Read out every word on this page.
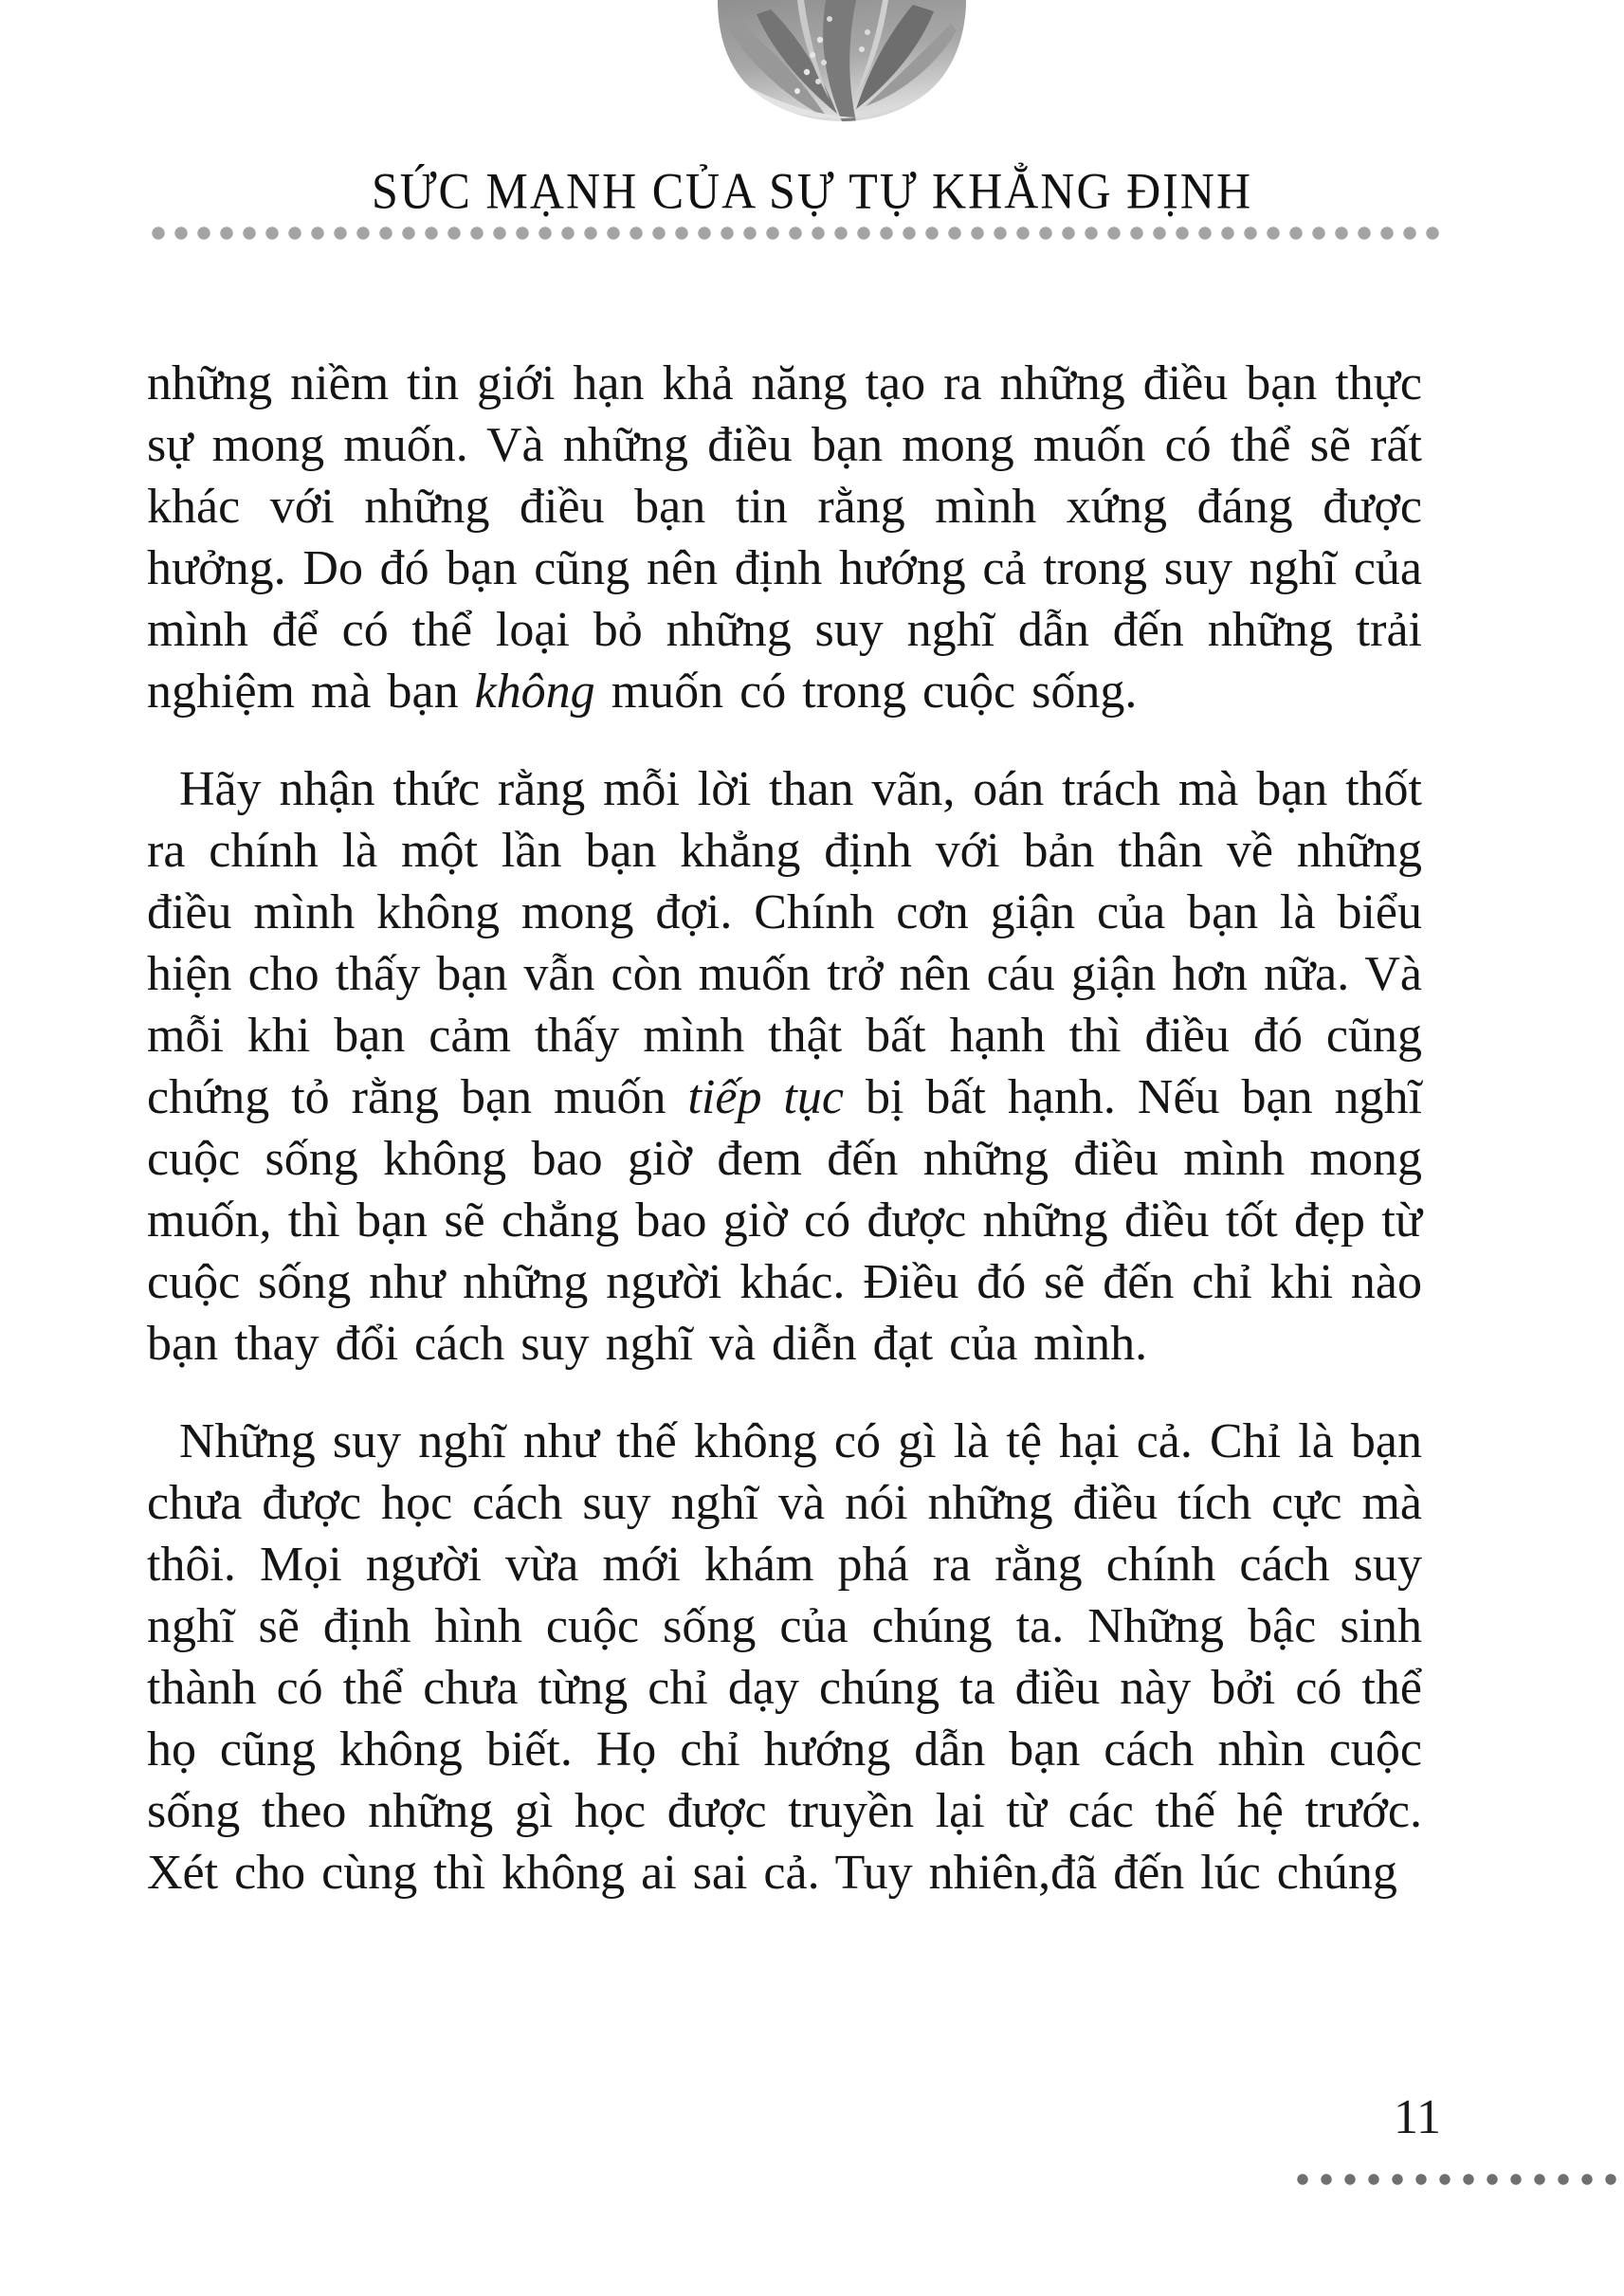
SỨC MẠNH CỦA SỰ TỰ KHẲNG ĐỊNH

những niềm tin giới hạn khả năng tạo ra những điều bạn thực sự mong muốn. Và những điều bạn mong muốn có thể sẽ rất khác với những điều bạn tin rằng mình xứng đáng được hưởng. Do đó bạn cũng nên định hướng cả trong suy nghĩ của mình để có thể loại bỏ những suy nghĩ dẫn đến những trải nghiệm mà bạn không muốn có trong cuộc sống.

Hãy nhận thức rằng mỗi lời than vãn, oán trách mà bạn thốt ra chính là một lần bạn khẳng định với bản thân về những điều mình không mong đợi. Chính cơn giận của bạn là biểu hiện cho thấy bạn vẫn còn muốn trở nên cáu giận hơn nữa. Và mỗi khi bạn cảm thấy mình thật bất hạnh thì điều đó cũng chứng tỏ rằng bạn muốn tiếp tục bị bất hạnh. Nếu bạn nghĩ cuộc sống không bao giờ đem đến những điều mình mong muốn, thì bạn sẽ chẳng bao giờ có được những điều tốt đẹp từ cuộc sống như những người khác. Điều đó sẽ đến chỉ khi nào bạn thay đổi cách suy nghĩ và diễn đạt của mình.

Những suy nghĩ như thế không có gì là tệ hại cả. Chỉ là bạn chưa được học cách suy nghĩ và nói những điều tích cực mà thôi. Mọi người vừa mới khám phá ra rằng chính cách suy nghĩ sẽ định hình cuộc sống của chúng ta. Những bậc sinh thành có thể chưa từng chỉ dạy chúng ta điều này bởi có thể họ cũng không biết. Họ chỉ hướng dẫn bạn cách nhìn cuộc sống theo những gì học được truyền lại từ các thế hệ trước. Xét cho cùng thì không ai sai cả. Tuy nhiên,đã đến lúc chúng

11
